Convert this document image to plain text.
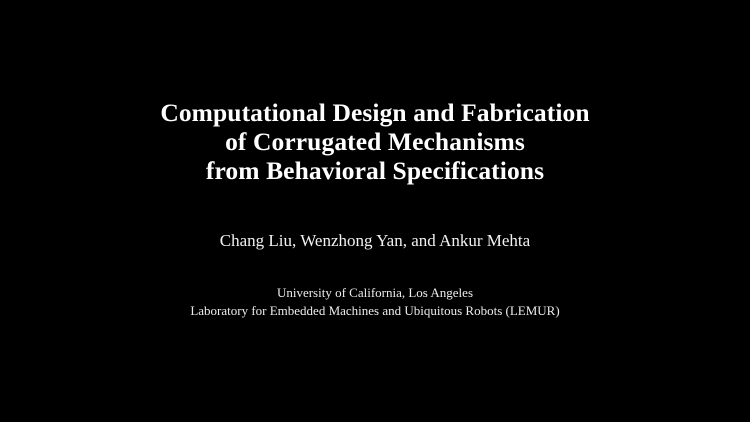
Computational Design and Fabrication
of Corrugated Mechanisms
from Behavioral Specifications
Chang Liu, Wenzhong Yan, and Ankur Mehta
University of California, Los Angeles
Laboratory for Embedded Machines and Ubiquitous Robots (LEMUR)
